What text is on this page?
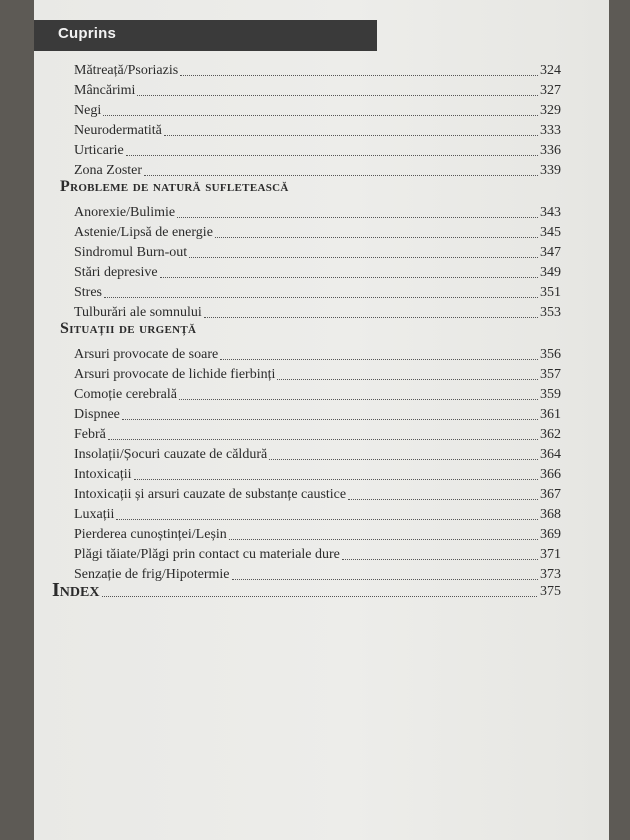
Cuprins
Mătreață/Psoriazis	324
Mâncărimi	327
Negi	329
Neurodermatită	333
Urticarie	336
Zona Zoster	339
Probleme de natură sufletească
Anorexie/Bulimie	343
Astenie/Lipsă de energie	345
Sindromul Burn-out	347
Stări depresive	349
Stres	351
Tulburări ale somnului	353
Situații de urgență
Arsuri provocate de soare	356
Arsuri provocate de lichide fierbinți	357
Comoție cerebrală	359
Dispnee	361
Febră	362
Insolații/Șocuri cauzate de căldură	364
Intoxicații	366
Intoxicații și arsuri cauzate de substanțe caustice	367
Luxații	368
Pierderea cunoștinței/Leșin	369
Plăgi tăiate/Plăgi prin contact cu materiale dure	371
Senzație de frig/Hipotermie	373
Index	375
